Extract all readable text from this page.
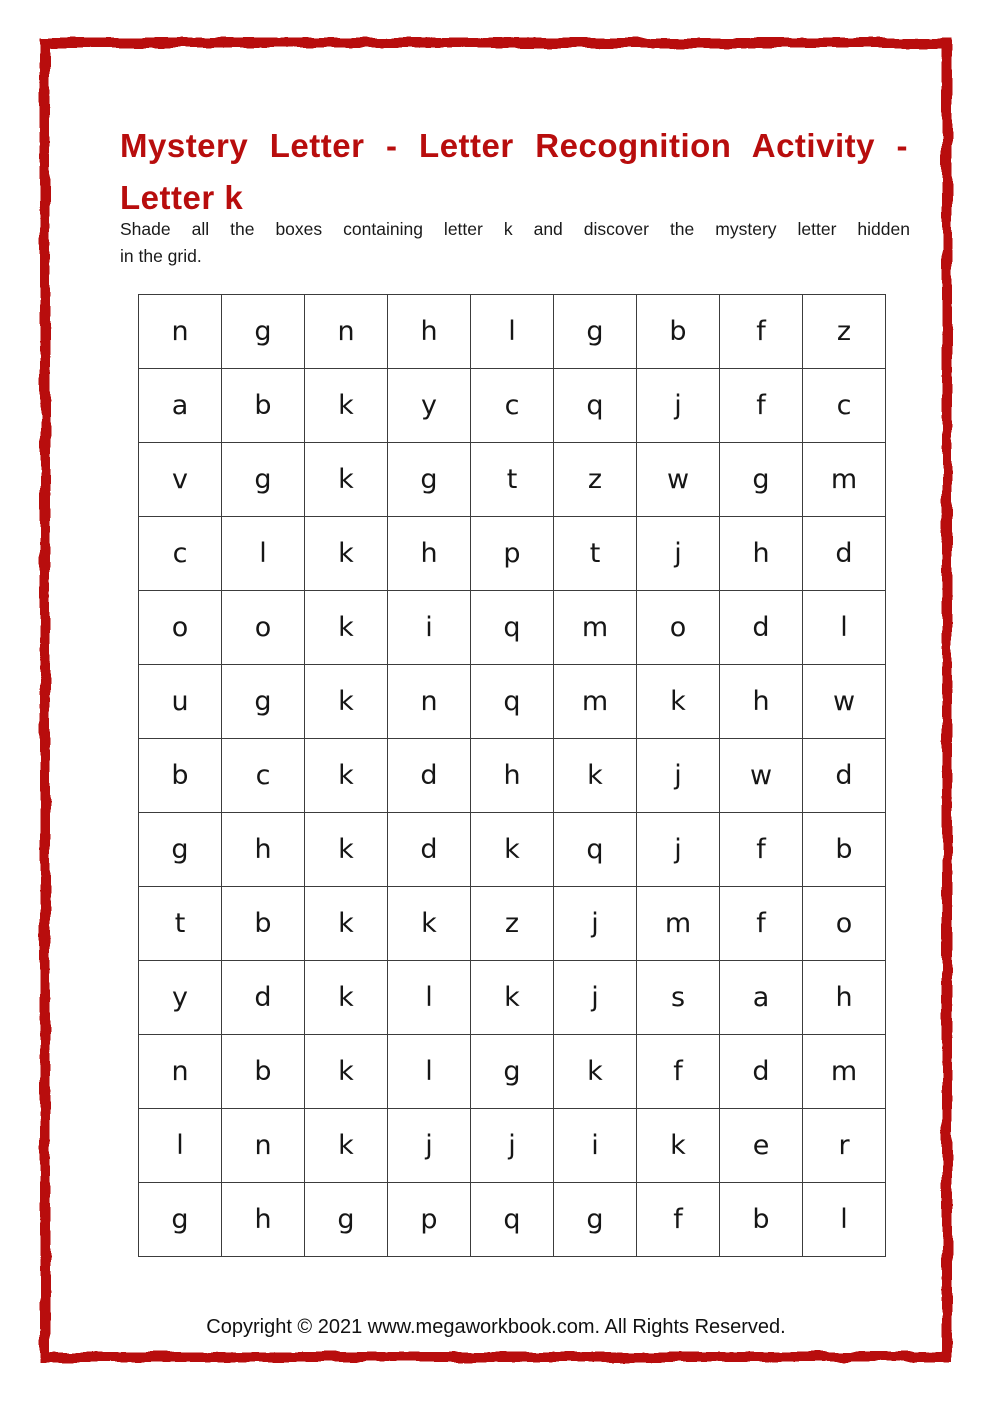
Mystery Letter - Letter Recognition Activity -
Letter k
Shade all the boxes containing letter k and discover the mystery letter hidden
in the grid.
n	g	n	h	l	g	b	f	z
a	b	k	y	c	q	j	f	c
v	g	k	g	t	z	w	g	m
c	l	k	h	p	t	j	h	d
o	o	k	i	q	m	o	d	l
u	g	k	n	q	m	k	h	w
b	c	k	d	h	k	j	w	d
g	h	k	d	k	q	j	f	b
t	b	k	k	z	j	m	f	o
y	d	k	l	k	j	s	a	h
n	b	k	l	g	k	f	d	m
l	n	k	j	j	i	k	e	r
g	h	g	p	q	g	f	b	l
Copyright © 2021 www.megaworkbook.com. All Rights Reserved.
